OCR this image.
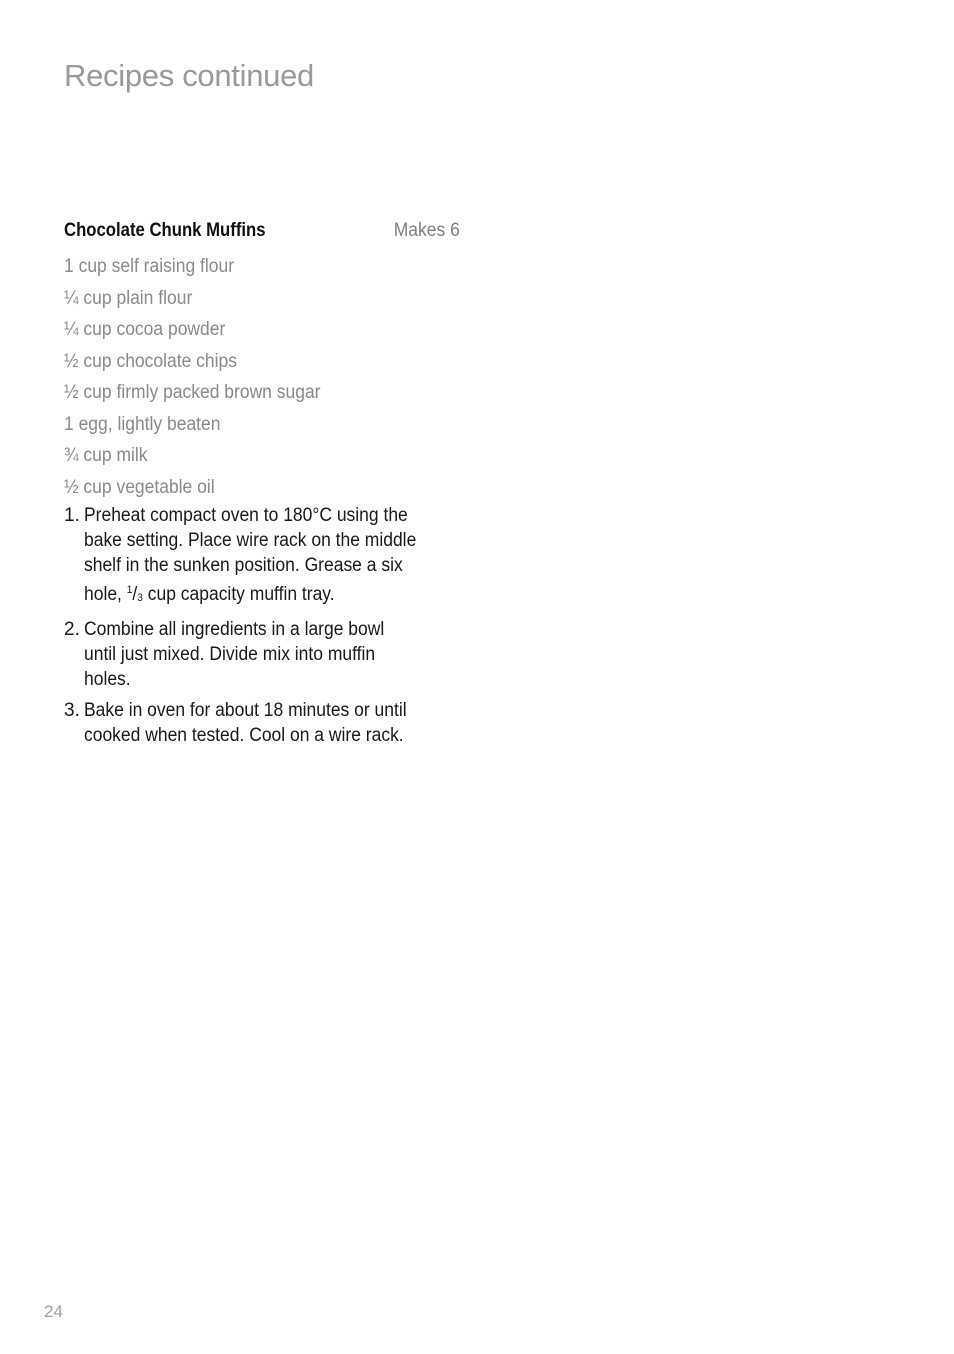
Recipes continued
Chocolate Chunk Muffins	Makes 6
1 cup self raising flour
¼ cup plain flour
¼ cup cocoa powder
½ cup chocolate chips
½ cup firmly packed brown sugar
1 egg, lightly beaten
¾ cup milk
½ cup vegetable oil
1. Preheat compact oven to 180°C using the
bake setting. Place wire rack on the middle
shelf in the sunken position. Grease a six
hole, $^1/_3$ cup capacity muffin tray.
2. Combine all ingredients in a large bowl
until just mixed. Divide mix into muffin
holes.
3. Bake in oven for about 18 minutes or until
cooked when tested. Cool on a wire rack.
24
